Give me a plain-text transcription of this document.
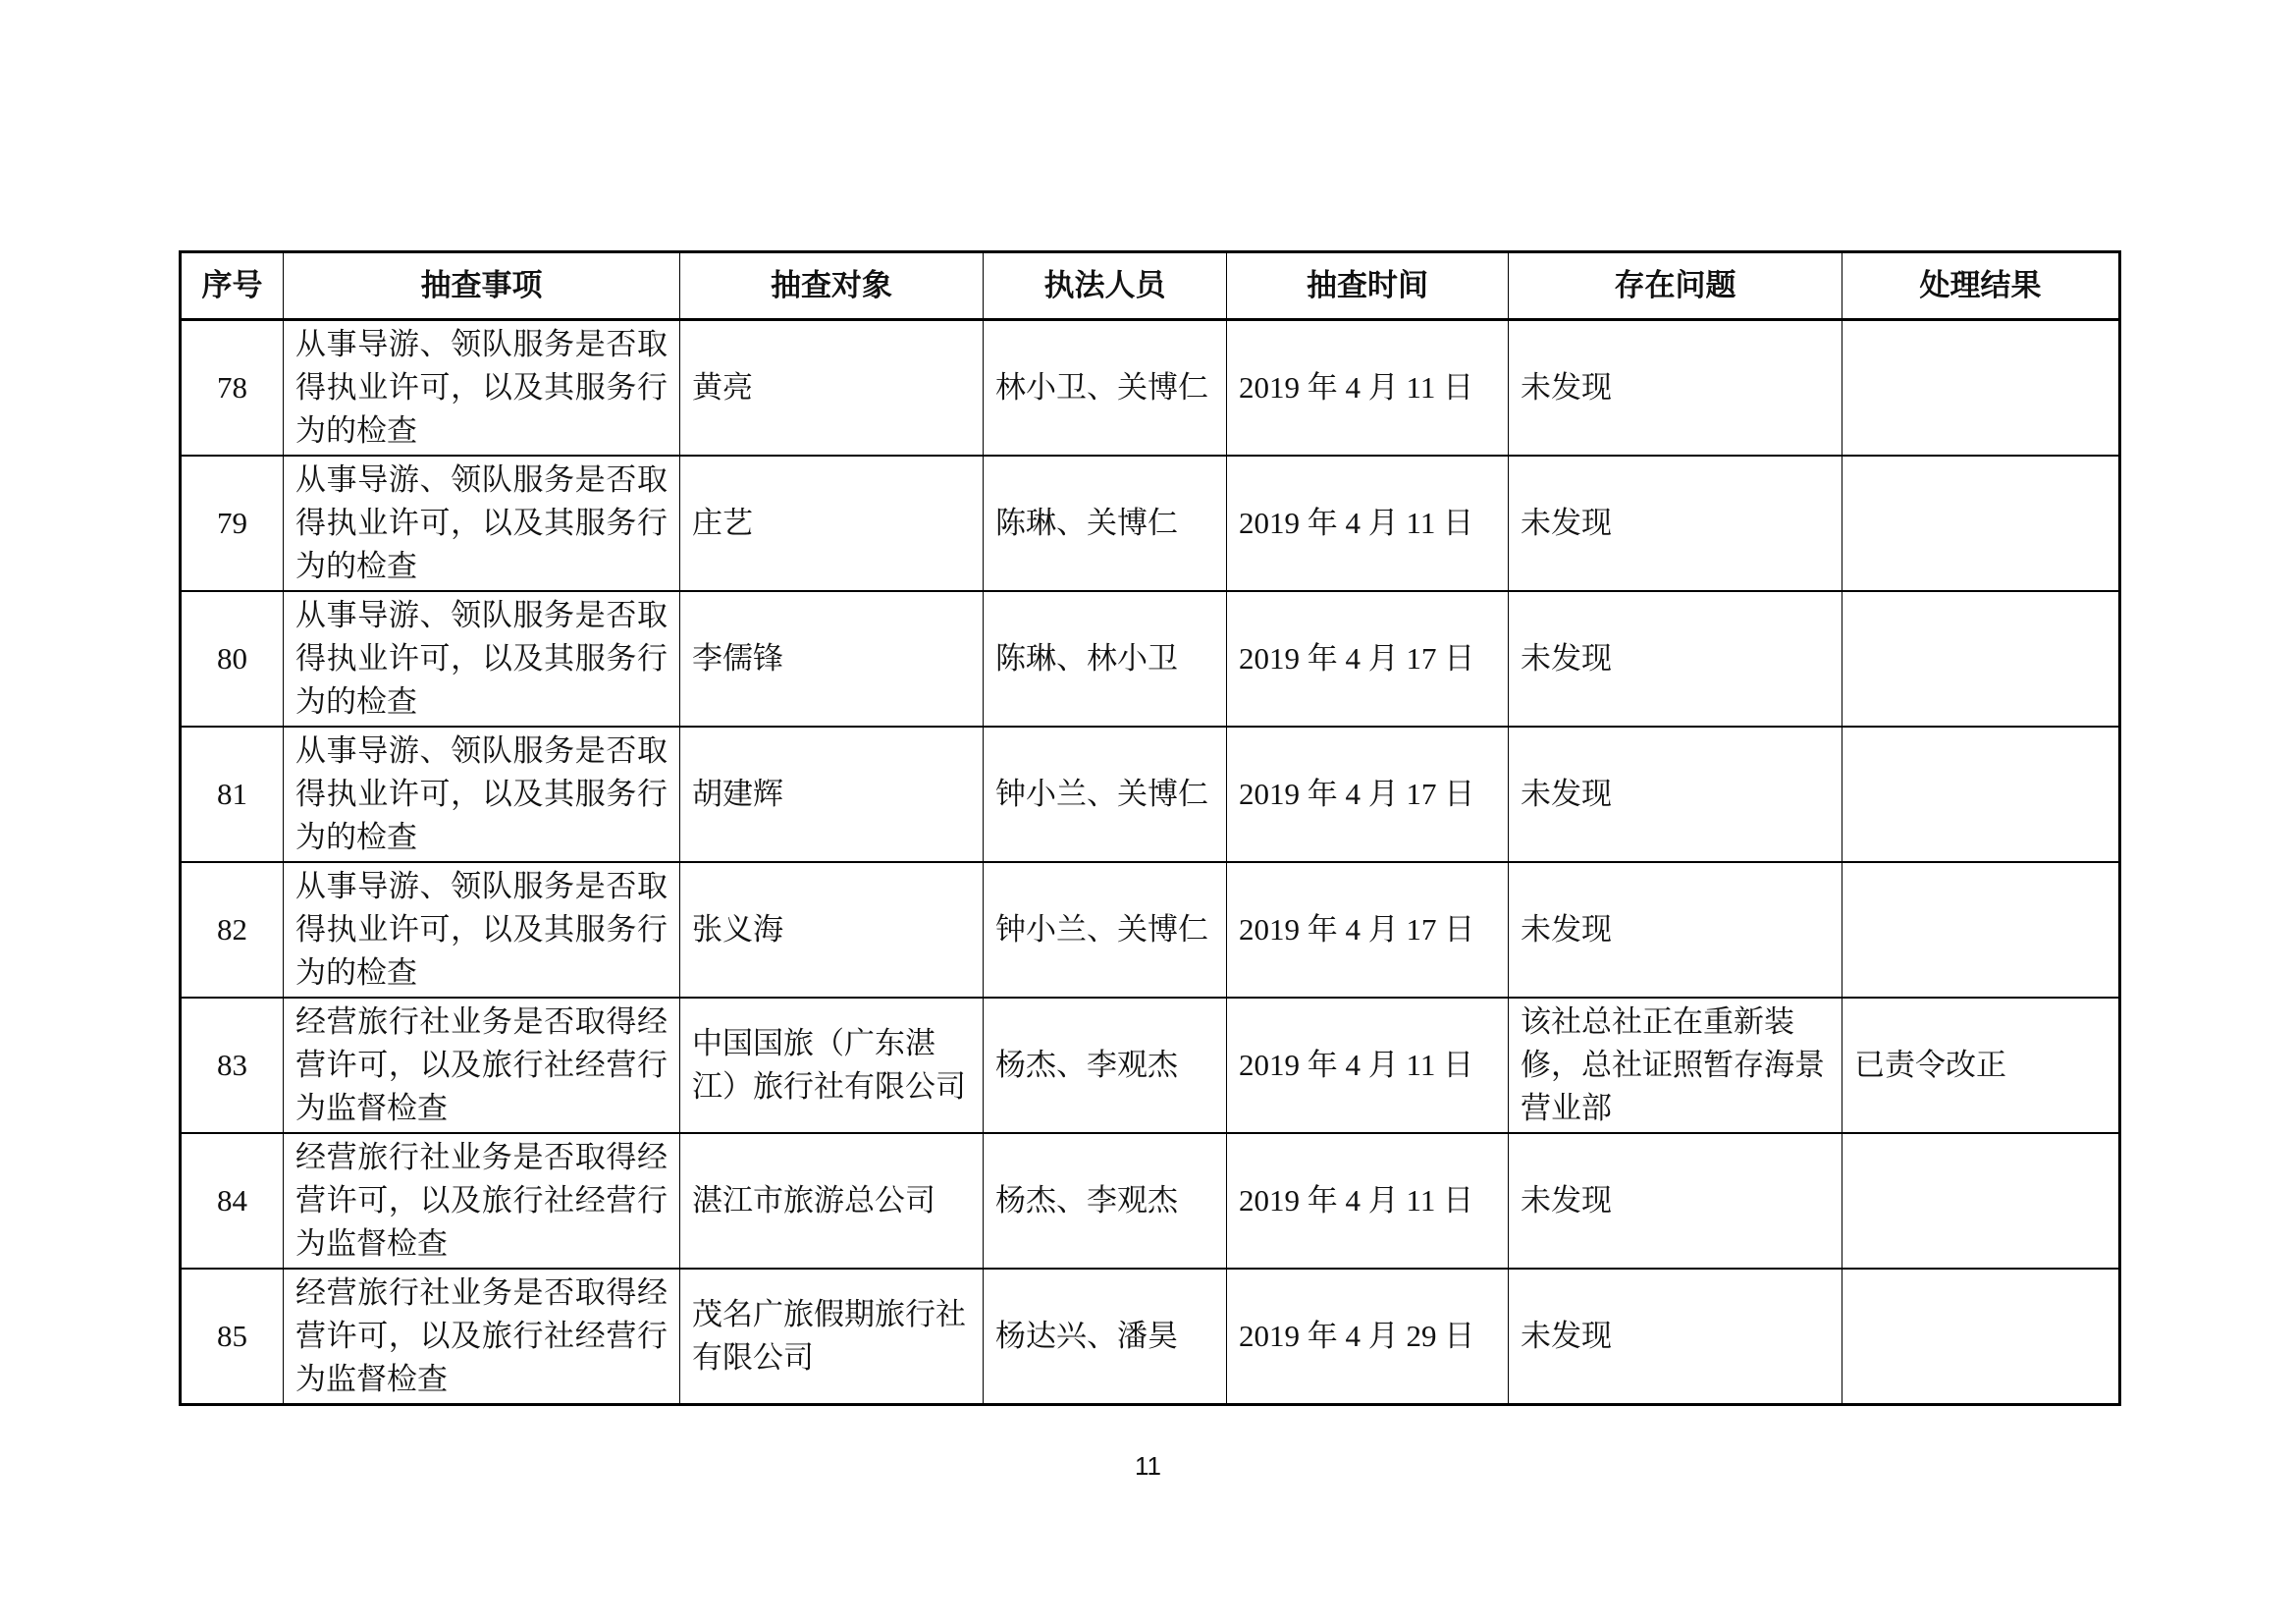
序号	抽查事项	抽查对象	执法人员	抽查时间	存在问题	处理结果
78	从事导游、领队服务是否取得执业许可，以及其服务行为的检查	黄亮	林小卫、关博仁	2019 年 4 月 11 日	未发现	
79	从事导游、领队服务是否取得执业许可，以及其服务行为的检查	庄艺	陈琳、关博仁	2019 年 4 月 11 日	未发现	
80	从事导游、领队服务是否取得执业许可，以及其服务行为的检查	李儒锋	陈琳、林小卫	2019 年 4 月 17 日	未发现	
81	从事导游、领队服务是否取得执业许可，以及其服务行为的检查	胡建辉	钟小兰、关博仁	2019 年 4 月 17 日	未发现	
82	从事导游、领队服务是否取得执业许可，以及其服务行为的检查	张义海	钟小兰、关博仁	2019 年 4 月 17 日	未发现	
83	经营旅行社业务是否取得经营许可，以及旅行社经营行为监督检查	中国国旅（广东湛江）旅行社有限公司	杨杰、李观杰	2019 年 4 月 11 日	该社总社正在重新装修，总社证照暂存海景营业部	已责令改正
84	经营旅行社业务是否取得经营许可，以及旅行社经营行为监督检查	湛江市旅游总公司	杨杰、李观杰	2019 年 4 月 11 日	未发现	
85	经营旅行社业务是否取得经营许可，以及旅行社经营行为监督检查	茂名广旅假期旅行社有限公司	杨达兴、潘昊	2019 年 4 月 29 日	未发现	
11
